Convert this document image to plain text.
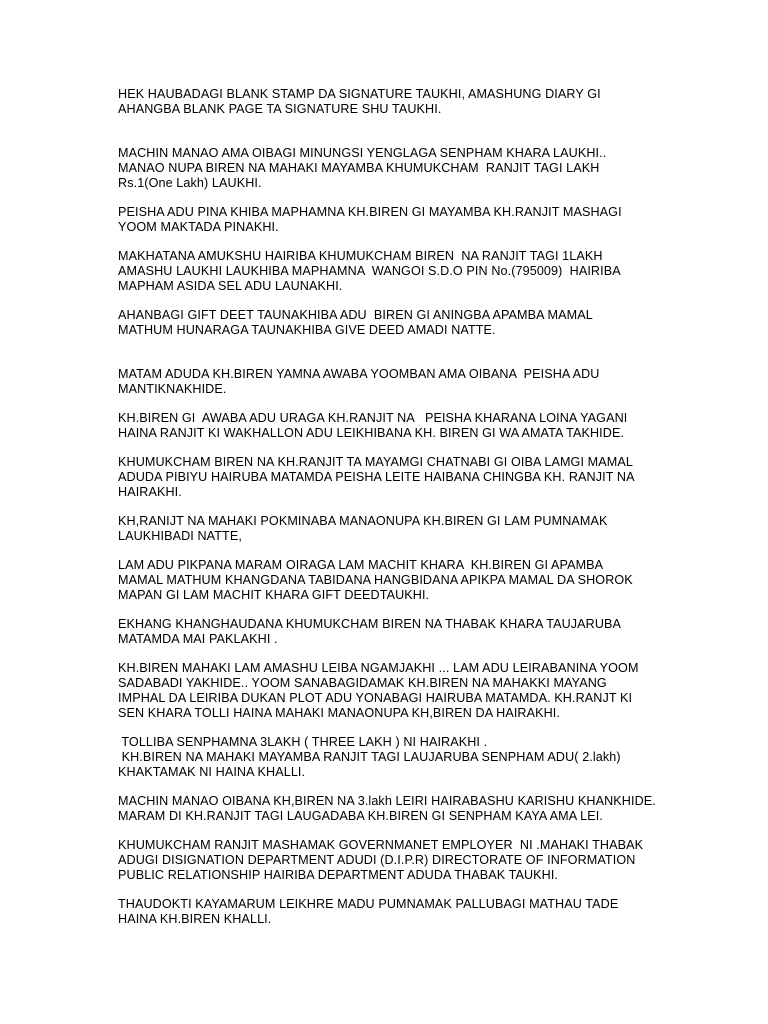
HEK HAUBADAGI BLANK STAMP DA SIGNATURE TAUKHI, AMASHUNG DIARY GI
AHANGBA BLANK PAGE TA SIGNATURE SHU TAUKHI.
MACHIN MANAO AMA OIBAGI MINUNGSI YENGLAGA SENPHAM KHARA LAUKHI..
MANAO NUPA BIREN NA MAHAKI MAYAMBA KHUMUKCHAM  RANJIT TAGI LAKH
Rs.1(One Lakh) LAUKHI.
PEISHA ADU PINA KHIBA MAPHAMNA KH.BIREN GI MAYAMBA KH.RANJIT MASHAGI
YOOM MAKTADA PINAKHI.
MAKHATANA AMUKSHU HAIRIBA KHUMUKCHAM BIREN  NA RANJIT TAGI 1LAKH
AMASHU LAUKHI LAUKHIBA MAPHAMNA  WANGOI S.D.O PIN No.(795009)  HAIRIBA
MAPHAM ASIDA SEL ADU LAUNAKHI.
AHANBAGI GIFT DEET TAUNAKHIBA ADU  BIREN GI ANINGBA APAMBA MAMAL
MATHUM HUNARAGA TAUNAKHIBA GIVE DEED AMADI NATTE.
MATAM ADUDA KH.BIREN YAMNA AWABA YOOMBAN AMA OIBANA  PEISHA ADU
MANTIKNAKHIDE.
KH.BIREN GI  AWABA ADU URAGA KH.RANJIT NA   PEISHA KHARANA LOINA YAGANI
HAINA RANJIT KI WAKHALLON ADU LEIKHIBANA KH. BIREN GI WA AMATA TAKHIDE.
KHUMUKCHAM BIREN NA KH.RANJIT TA MAYAMGI CHATNABI GI OIBA LAMGI MAMAL
ADUDA PIBIYU HAIRUBA MATAMDA PEISHA LEITE HAIBANA CHINGBA KH. RANJIT NA
HAIRAKHI.
KH,RANIJT NA MAHAKI POKMINABA MANAONUPA KH.BIREN GI LAM PUMNAMAK
LAUKHIBADI NATTE,
LAM ADU PIKPANA MARAM OIRAGA LAM MACHIT KHARA  KH.BIREN GI APAMBA
MAMAL MATHUM KHANGDANA TABIDANA HANGBIDANA APIKPA MAMAL DA SHOROK
MAPAN GI LAM MACHIT KHARA GIFT DEEDTAUKHI.
EKHANG KHANGHAUDANA KHUMUKCHAM BIREN NA THABAK KHARA TAUJARUBA
MATAMDA MAI PAKLAKHI .
KH.BIREN MAHAKI LAM AMASHU LEIBA NGAMJAKHI ... LAM ADU LEIRABANINA YOOM
SADABADI YAKHIDE.. YOOM SANABAGIDAMAK KH.BIREN NA MAHAKKI MAYANG
IMPHAL DA LEIRIBA DUKAN PLOT ADU YONABAGI HAIRUBA MATAMDA. KH.RANJT KI
SEN KHARA TOLLI HAINA MAHAKI MANAONUPA KH,BIREN DA HAIRAKHI.
TOLLIBA SENPHAMNA 3LAKH ( THREE LAKH ) NI HAIRAKHI .
KH.BIREN NA MAHAKI MAYAMBA RANJIT TAGI LAUJARUBA SENPHAM ADU( 2.lakh)
KHAKTAMAK NI HAINA KHALLI.
MACHIN MANAO OIBANA KH,BIREN NA 3.lakh LEIRI HAIRABASHU KARISHU KHANKHIDE.
MARAM DI KH.RANJIT TAGI LAUGADABA KH.BIREN GI SENPHAM KAYA AMA LEI.
KHUMUKCHAM RANJIT MASHAMAK GOVERNMANET EMPLOYER  NI .MAHAKI THABAK
ADUGI DISIGNATION DEPARTMENT ADUDI (D.I.P.R) DIRECTORATE OF INFORMATION
PUBLIC RELATIONSHIP HAIRIBA DEPARTMENT ADUDA THABAK TAUKHI.
THAUDOKTI KAYAMARUM LEIKHRE MADU PUMNAMAK PALLUBAGI MATHAU TADE
HAINA KH.BIREN KHALLI.
